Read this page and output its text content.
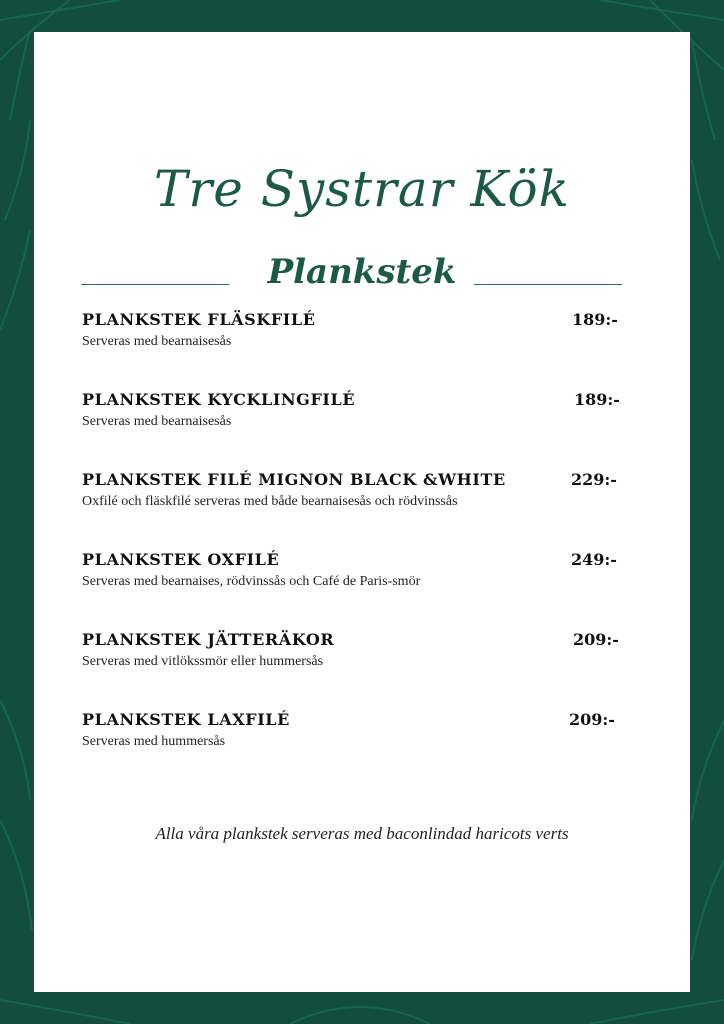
Tre Systrar Kök
Plankstek
PLANKSTEK FLÄSKFILÉ	189:-
Serveras med bearnaisesås
PLANKSTEK KYCKLINGFILÉ	189:-
Serveras med bearnaisesås
PLANKSTEK FILÉ MIGNON BLACK &WHITE	229:-
Oxfilé och fläskfilé serveras med både bearnaisesås och rödvinssås
PLANKSTEK OXFILÉ	249:-
Serveras med bearnaises, rödvinssås och Café de Paris-smör
PLANKSTEK JÄTTERÄKOR	209:-
Serveras med vitlökssmör eller hummersås
PLANKSTEK LAXFILÉ	209:-
Serveras med hummersås
Alla våra plankstek serveras med baconlindad haricots verts
